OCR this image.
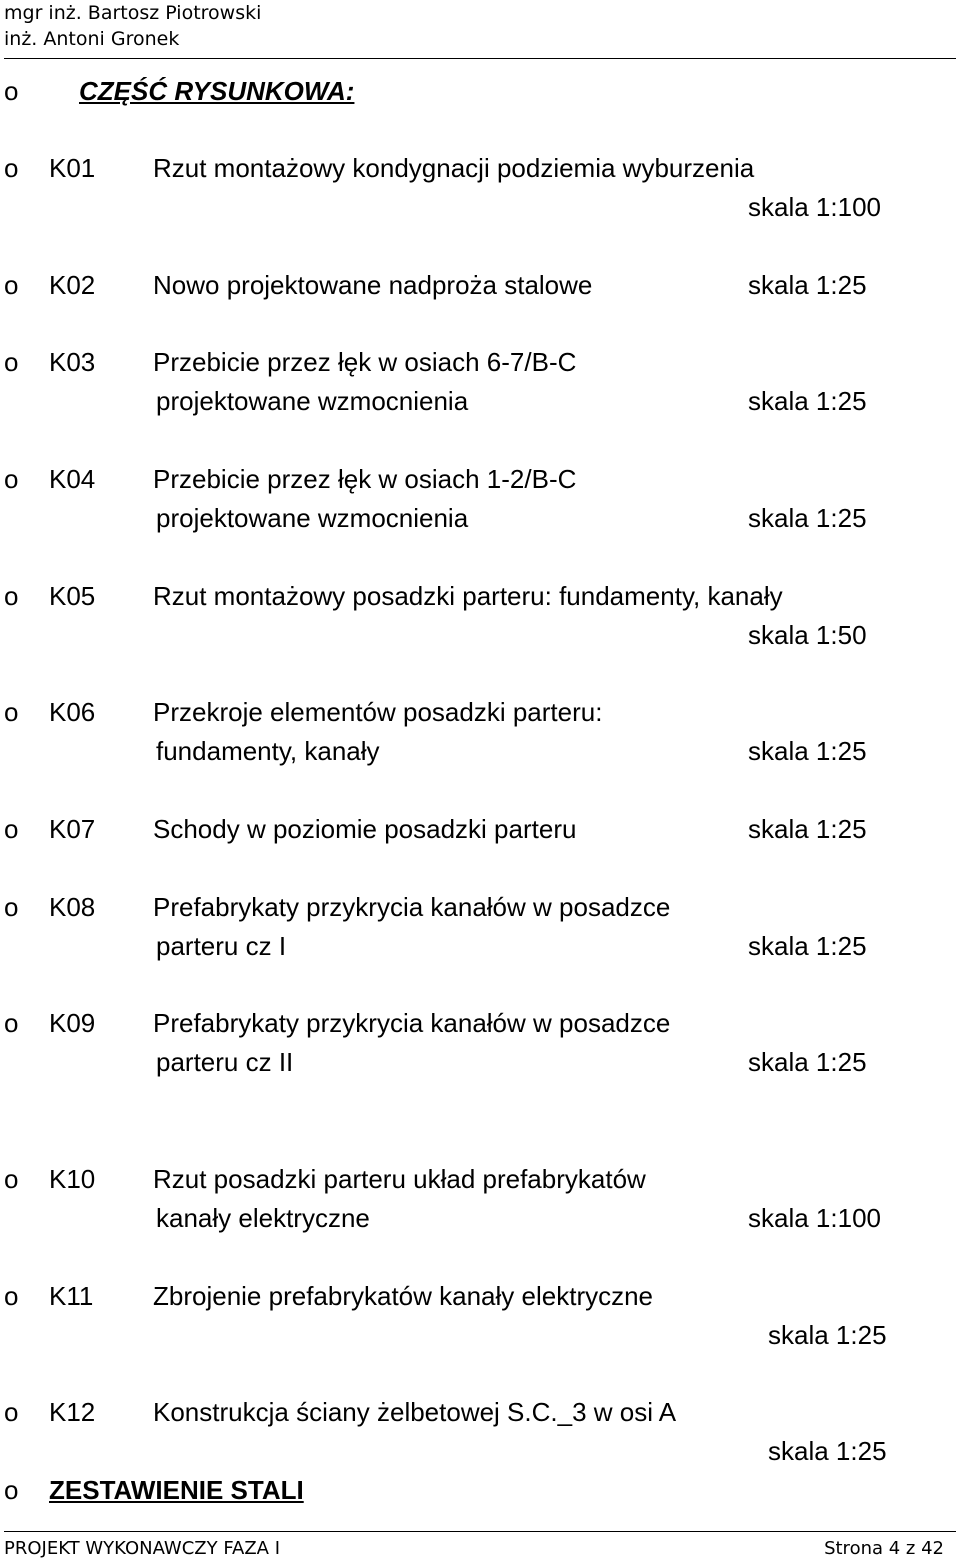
mgr inż. Bartosz Piotrowski
inż. Antoni Gronek
o CZĘŚĆ RYSUNKOWA:
o K01 Rzut montażowy kondygnacji podziemia wyburzenia
skala 1:100
o K02 Nowo projektowane nadproża stalowe	skala 1:25
o K03 Przebicie przez łęk w osiach 6-7/B-C
projektowane wzmocnienia	skala 1:25
o K04 Przebicie przez łęk w osiach 1-2/B-C
projektowane wzmocnienia	skala 1:25
o K05 Rzut montażowy posadzki parteru: fundamenty, kanały
skala 1:50
o K06 Przekroje elementów posadzki parteru:
fundamenty, kanały	skala 1:25
o K07 Schody w poziomie posadzki parteru	skala 1:25
o K08 Prefabrykaty przykrycia kanałów w posadzce
parteru cz I	skala 1:25
o K09 Prefabrykaty przykrycia kanałów w posadzce
parteru cz II	skala 1:25
o K10 Rzut posadzki parteru układ prefabrykatów
kanały elektryczne	skala 1:100
o K11 Zbrojenie prefabrykatów kanały elektryczne
skala 1:25
o K12 Konstrukcja ściany żelbetowej S.C._3 w osi A
skala 1:25
o ZESTAWIENIE STALI
PROJEKT WYKONAWCZY FAZA I	Strona 4 z 42
